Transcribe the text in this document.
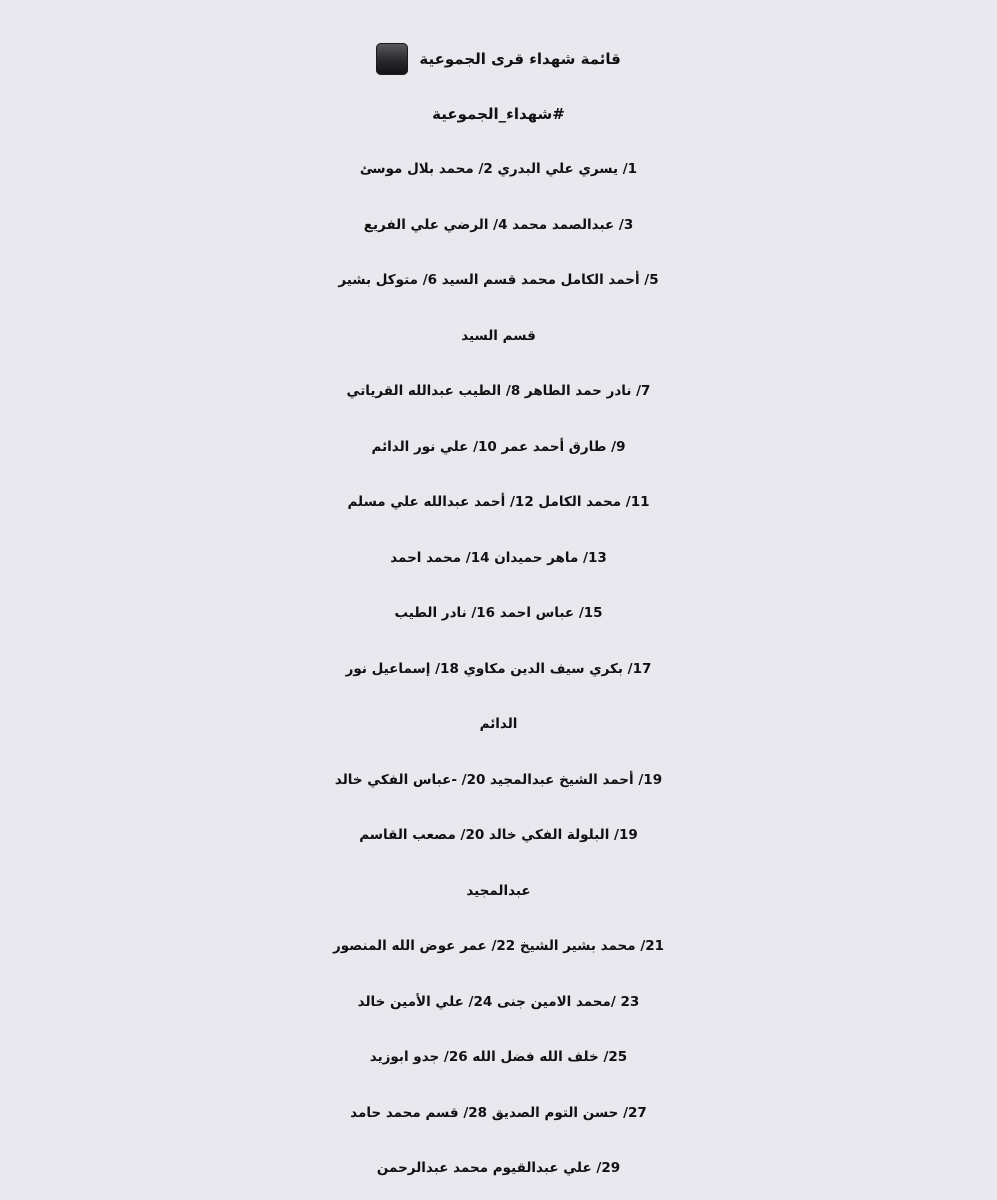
قائمة شهداء قرى الجموعية
#شهداء_الجموعية
1/ يسري علي البدري 2/ محمد بلال موسئ
3/ عبدالصمد محمد 4/ الرضي علي الفريع
5/ أحمد الكامل محمد قسم السيد 6/ متوكل بشير
قسم السيد
7/ نادر حمد الطاهر 8/ الطيب عبدالله القرياتي
9/ طارق أحمد عمر 10/ علي نور الدائم
11/ محمد الكامل 12/ أحمد عبدالله علي مسلم
13/ ماهر حميدان 14/ محمد احمد
15/ عباس احمد 16/ نادر الطيب
17/ بكري سيف الدين مكاوي 18/ إسماعيل نور
الدائم
19/ أحمد الشيخ عبدالمجيد 20/ -عباس الفكي خالد
19/ البلولة الفكي خالد 20/ مصعب القاسم
عبدالمجيد
21/ محمد بشير الشيخ 22/ عمر عوض الله المنصور
23 /محمد الامين جنى 24/ علي الأمين خالد
25/ خلف الله فضل الله 26/ جدو ابوزيد
27/ حسن التوم الصديق 28/ قسم محمد حامد
29/ علي عبدالقيوم محمد عبدالرحمن
